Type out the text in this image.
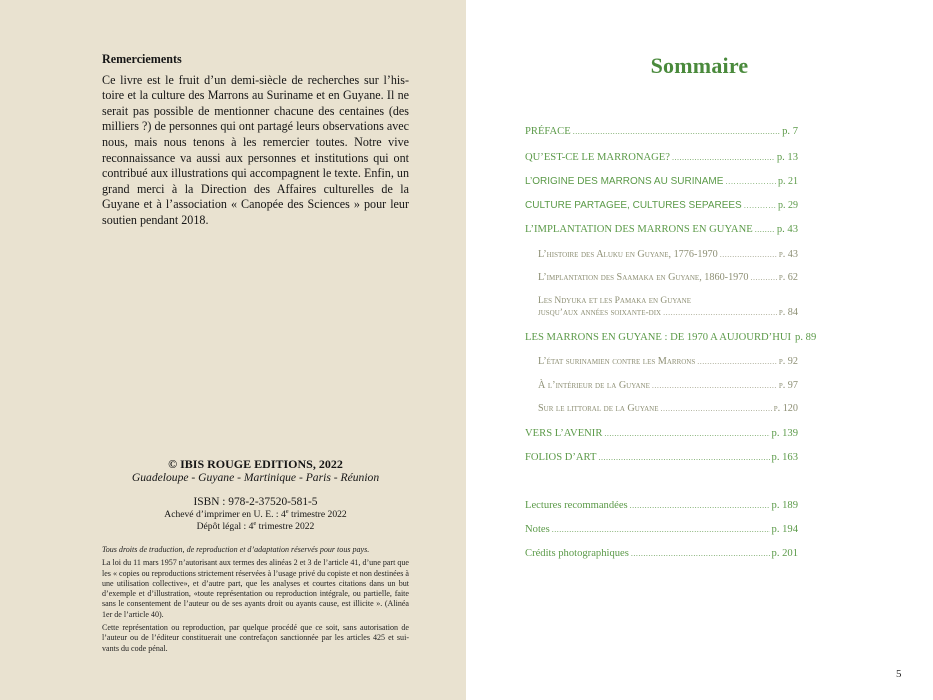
Remerciements
Ce livre est le fruit d’un demi-siècle de recherches sur l’histoire et la culture des Marrons au Suriname et en Guyane. Il ne serait pas possible de mentionner chacune des centaines (des milliers ?) de personnes qui ont partagé leurs observations avec nous, mais nous tenons à les remercier toutes. Notre vive reconnaissance va aussi aux personnes et institutions qui ont contribué aux illustrations qui accompagnent le texte. Enfin, un grand merci à la Direction des Affaires culturelles de la Guyane et à l’association « Canopée des Sciences » pour leur soutien pendant 2018.
© IBIS ROUGE EDITIONS, 2022
Guadeloupe - Guyane - Martinique - Paris - Réunion
ISBN : 978-2-37520-581-5
Achevé d’imprimer en U. E. : 4e trimestre 2022
Dépôt légal : 4e trimestre 2022
Tous droits de traduction, de reproduction et d’adaptation réservés pour tous pays.

La loi du 11 mars 1957 n’autorisant aux termes des alinéas 2 et 3 de l’article 41, d’une part que les « copies ou reproductions strictement réservées à l’usage privé du copiste et non destinées à une utilisation collective», et d’autre part, que les analyses et courtes citations dans un but d’exemple et d’illustration, «toute représentation ou reproduction intégrale, ou partielle, faite sans le consentement de l’auteur ou de ses ayants droit ou ayants cause, est illicite ». (Alinéa 1er de l’article 40).

Cette représentation ou reproduction, par quelque procédé que ce soit, sans autorisation de l’auteur ou de l’éditeur constituerait une contrefaçon sanctionnée par les articles 425 et suivants du code pénal.

Sommaire
PRÉFACE .....	p. 7
QU’EST-CE LE MARRONAGE? .....	p. 13
L’ORIGINE DES MARRONS AU SURINAME .....	p. 21
CULTURE PARTAGEE, CULTURES SEPAREES .....	p. 29
L’IMPLANTATION DES MARRONS EN GUYANE ..... p. 43
L’histoire des Aluku en Guyane, 1776-1970 .....	p. 43
L’implantation des Saamaka en Guyane, 1860-1970 .....	p. 62
Les Ndyuka et les Pamaka en Guyane
jusqu’aux années soixante-dix .....	p. 84
LES MARRONS EN GUYANE : DE 1970 A AUJOURD’HUI p. 89
L’état surinamien contre les Marrons .....	p. 92
À l’intérieur de la Guyane .....	p. 97
Sur le littoral de la Guyane .....	p. 120
VERS L’AVENIR .....	p. 139
FOLIOS D’ART .....	p. 163
Lectures recommandées .....	p. 189
Notes .....	p. 194
Crédits photographiques .....	p. 201
5
